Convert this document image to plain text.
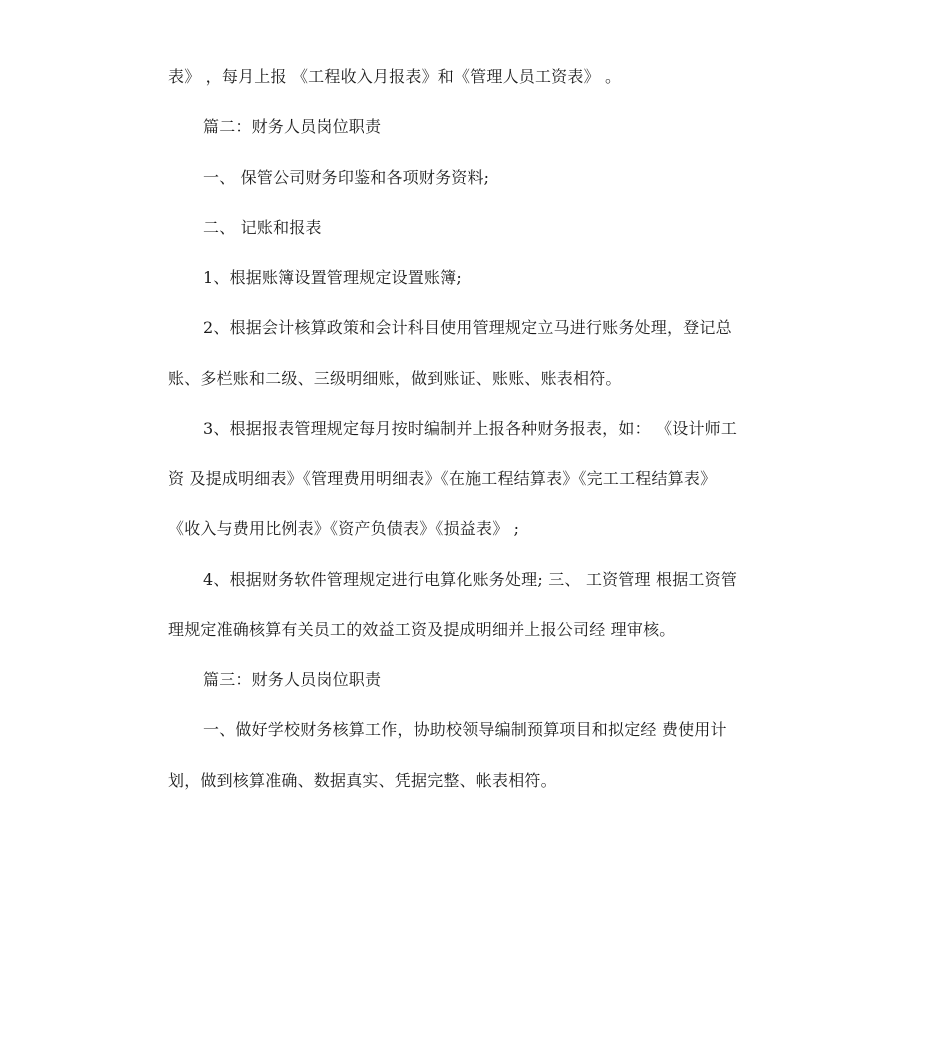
表》 ，每月上报 《工程收入月报表》和《管理人员工资表》 。
篇二：财务人员岗位职责
一、 保管公司财务印鉴和各项财务资料;
二、 记账和报表
1、根据账簿设置管理规定设置账簿;
2、根据会计核算政策和会计科目使用管理规定立马进行账务处理，登记总
账、多栏账和二级、三级明细账，做到账证、账账、账表相符。
3、根据报表管理规定每月按时编制并上报各种财务报表，如： 《设计师工
资 及提成明细表》《管理费用明细表》《在施工程结算表》《完工工程结算表》
《收入与费用比例表》《资产负债表》《损益表》 ;
4、根据财务软件管理规定进行电算化账务处理; 三、 工资管理 根据工资管
理规定准确核算有关员工的效益工资及提成明细并上报公司经 理审核。
篇三：财务人员岗位职责
一、做好学校财务核算工作，协助校领导编制预算项目和拟定经 费使用计
划，做到核算准确、数据真实、凭据完整、帐表相符。
